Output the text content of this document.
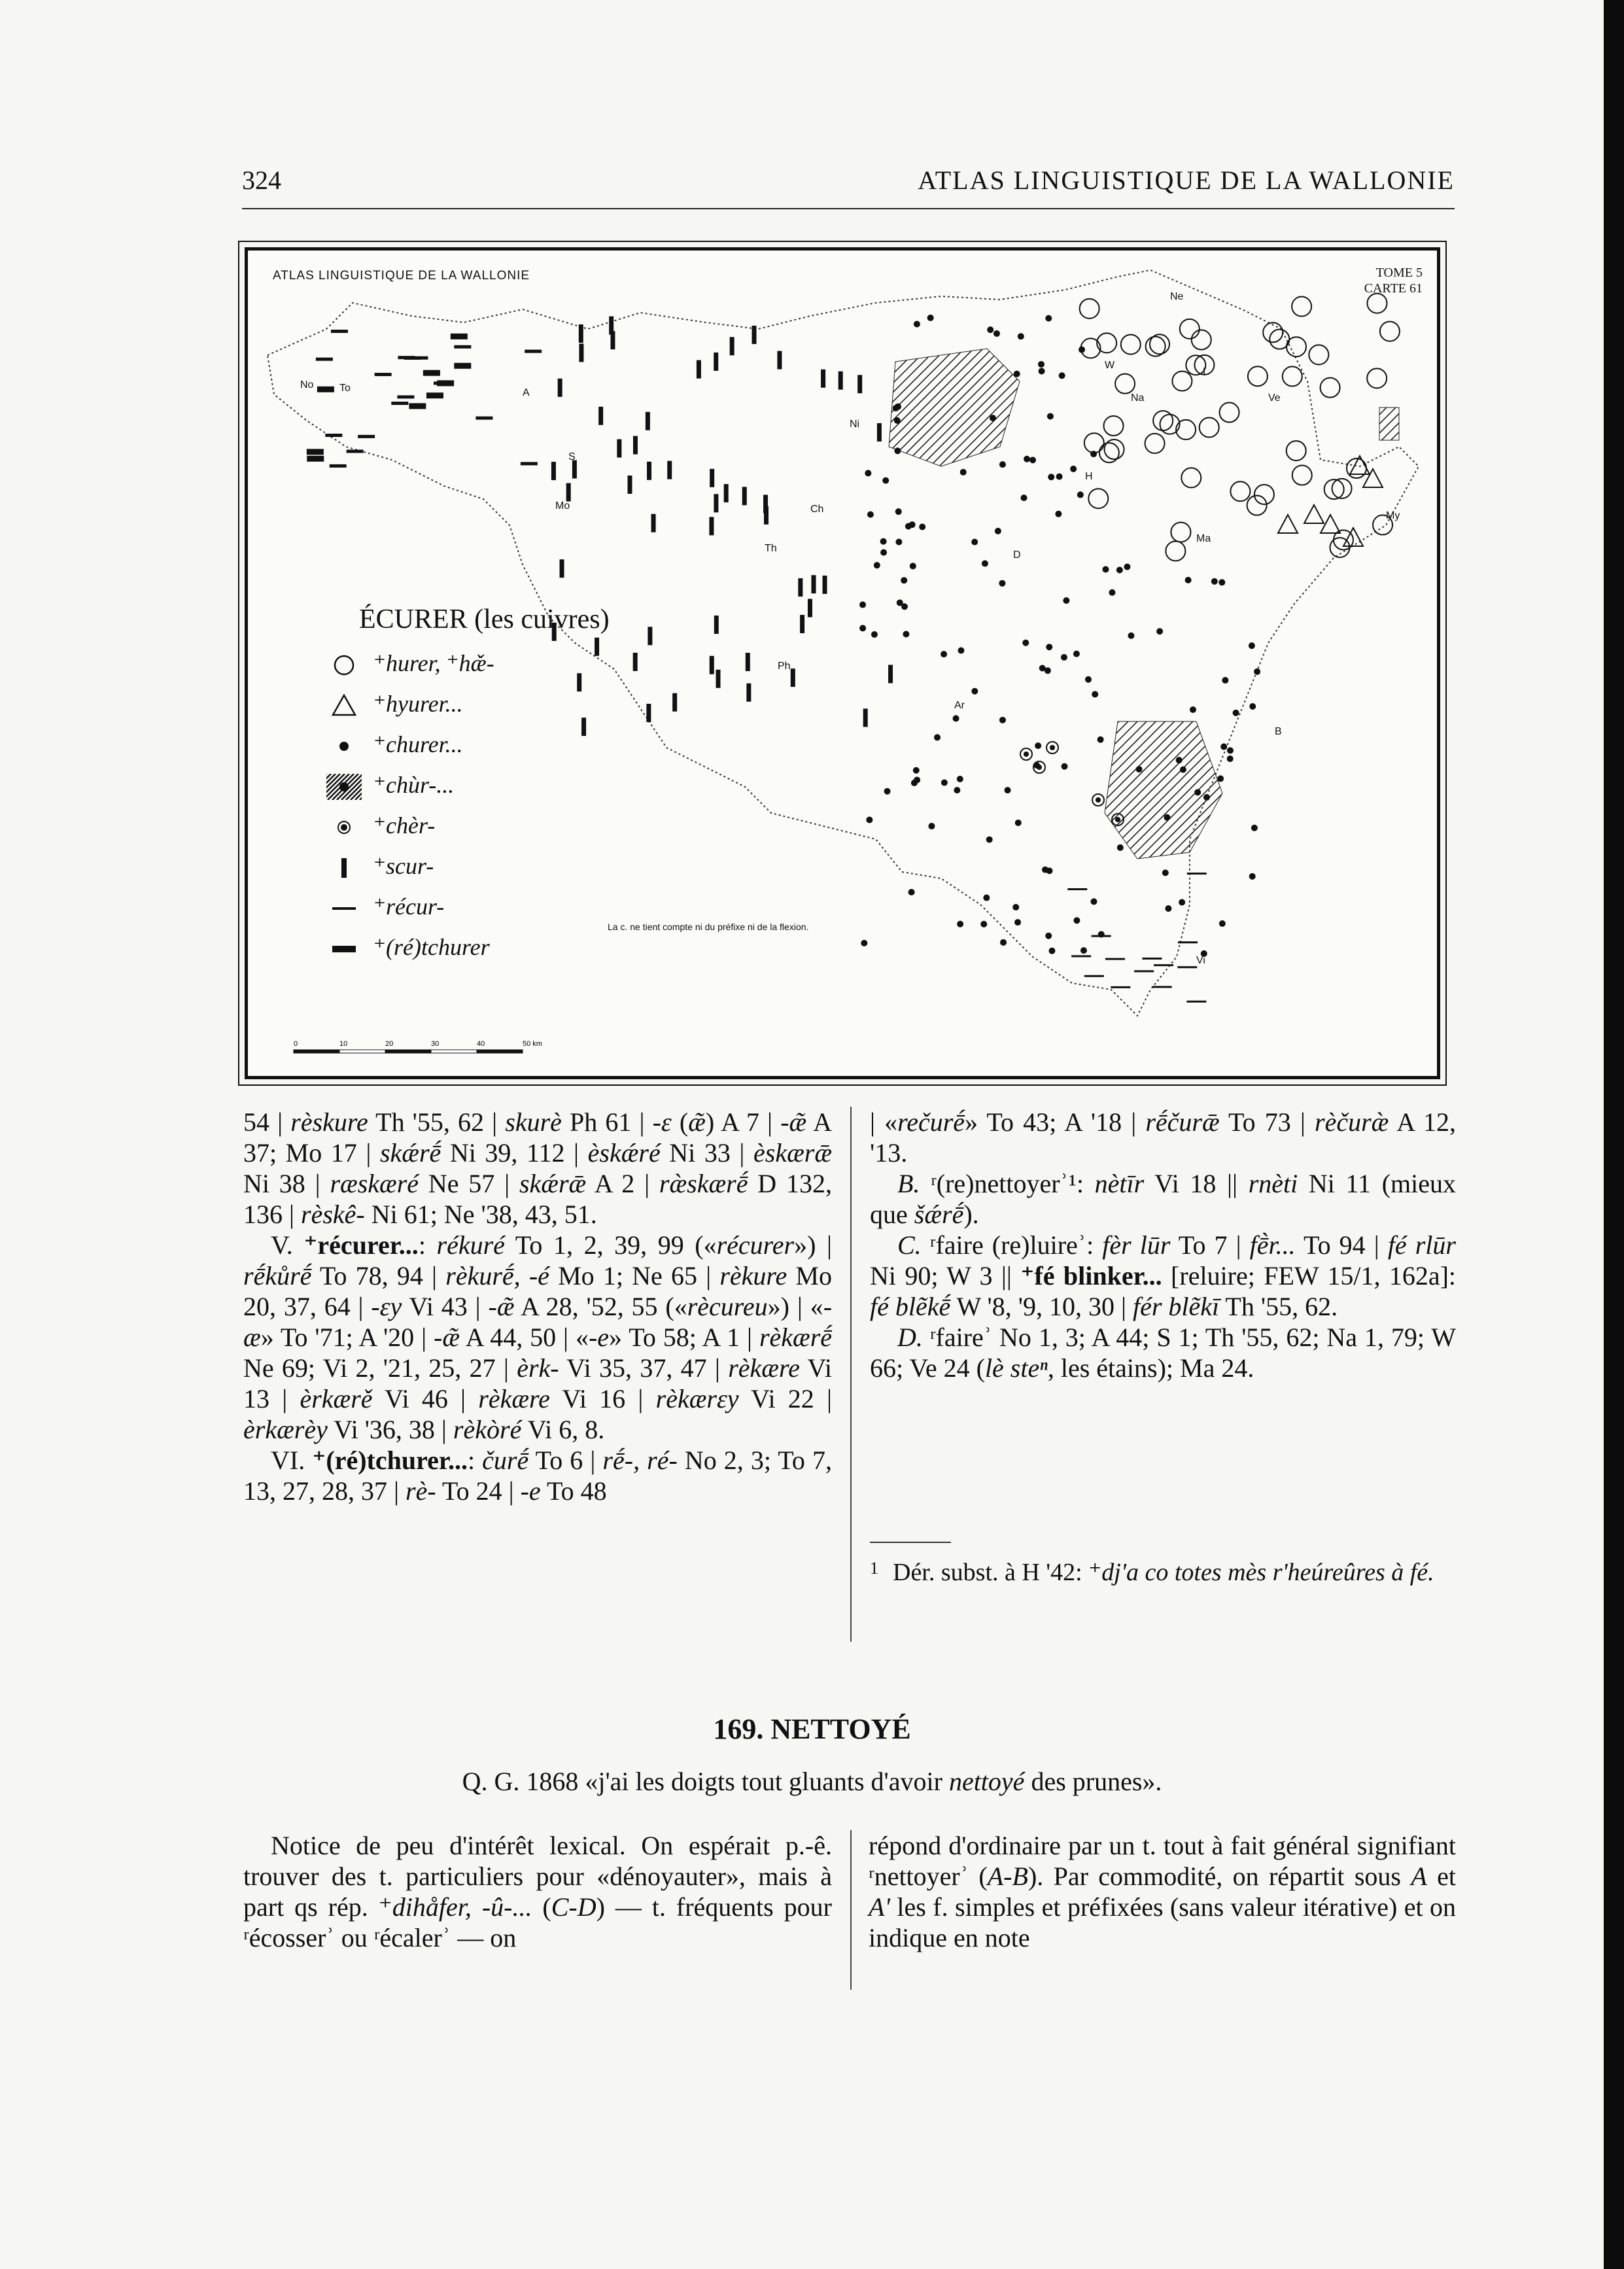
324	ATLAS LINGUISTIQUE DE LA WALLONIE
No To	A
S
Mo	Ch
Th
Ni
Ph
Ar
Ne
Na
H
W
L
Ve
My
Ma
D
B
Vi
ATLAS LINGUISTIQUE DE LA WALLONIE	TOME 5
CARTE 61
ÉCURER (les cuivres)
⁺hurer, ⁺hæ̌-
⁺hyurer...
⁺churer...
⁺chùr-...
⁺chèr-
⁺scur-
⁺récur-
⁺(ré)tchurer
La c. ne tient compte ni du préfixe ni de la flexion.
0	10	20	30	40	50 km

54 | rèskure Th '55, 62 | skurè Ph 61 | -ɛ (æ̃) A 7 | -æ̃ A 37; Mo 17 | skǽrḗ Ni 39, 112 | èskǽré Ni 33 | èskærǣ Ni 38 | ræskæré Ne 57 | skǽrǣ A 2 | ræ̀skærḗ D 132, 136 | rèskê- Ni 61; Ne '38, 43, 51.

V. ⁺récurer...: rékuré To 1, 2, 39, 99 («récurer») | rḗkůrḗ To 78, 94 | rèkurḗ, -é Mo 1; Ne 65 | rèkure Mo 20, 37, 64 | -ɛy Vi 43 | -æ̃ A 28, '52, 55 («rècureu») | «-æ» To '71; A '20 | -æ̃ A 44, 50 | «-e» To 58; A 1 | rèkærḗ Ne 69; Vi 2, '21, 25, 27 | èrk- Vi 35, 37, 47 | rèkære Vi 13 | èrkærě Vi 46 | rèkære Vi 16 | rèkærɛy Vi 22 | èrkærèy Vi '36, 38 | rèkòré Vi 6, 8.

VI. ⁺(ré)tchurer...: čurḗ To 6 | rḗ-, ré- No 2, 3; To 7, 13, 27, 28, 37 | rè- To 24 | -e To 48

| «rečurḗ» To 43; A '18 | rḗčurǣ To 73 | rèčuræ̀ A 12, '13.

B. ʳ(re)nettoyerʾ¹: nètīr Vi 18 || rnèti Ni 11 (mieux que šǽrḗ).

C. ʳfaire (re)luireʾ: fèr lūr To 7 | fḕr... To 94 | fé rlūr Ni 90; W 3 || ⁺fé blinker... [reluire; FEW 15/1, 162a]: fé blẽkḗ W '8, '9, 10, 30 | fér blẽkī Th '55, 62.

D. ʳfaireʾ No 1, 3; A 44; S 1; Th '55, 62; Na 1, 79; W 66; Ve 24 (lè steⁿ, les étains); Ma 24.

$^1$ Dér. subst. à H '42: ⁺dj'a co totes mès r'heúreûres à fé.
169. NETTOYÉ
Q. G. 1868 «j'ai les doigts tout gluants d'avoir nettoyé des prunes».

Notice de peu d'intérêt lexical. On espérait p.-ê. trouver des t. particuliers pour «dénoyauter», mais à part qs rép. ⁺dihåfer, -û-... (C-D) — t. fréquents pour ʳécosserʾ ou ʳécalerʾ — on

répond d'ordinaire par un t. tout à fait général signifiant ʳnettoyerʾ (A-B). Par commodité, on répartit sous A et A' les f. simples et préfixées (sans valeur itérative) et on indique en note
